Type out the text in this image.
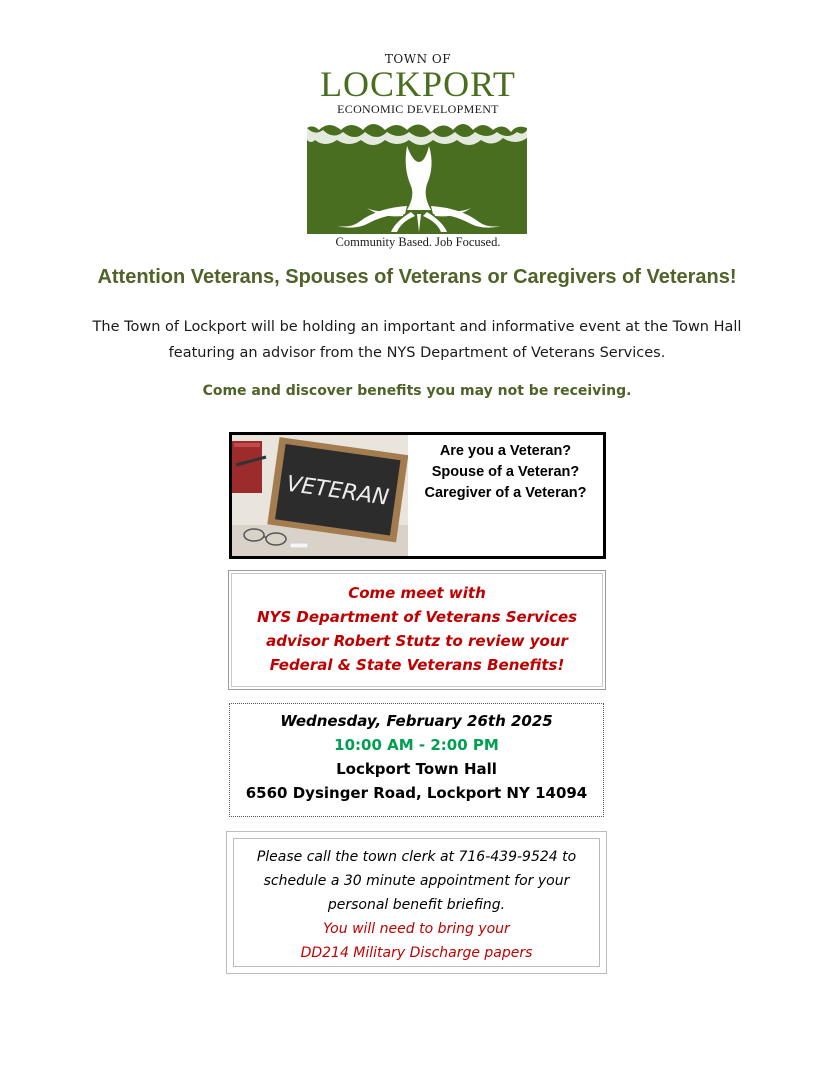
TOWN OF
LOCKPORT
ECONOMIC DEVELOPMENT
Community Based. Job Focused.
Attention Veterans, Spouses of Veterans or Caregivers of Veterans!
The Town of Lockport will be holding an important and informative event at the Town Hall
featuring an advisor from the NYS Department of Veterans Services.
Come and discover benefits you may not be receiving.
VETERAN
Are you a Veteran?
Spouse of a Veteran?
Caregiver of a Veteran?
Come meet with
NYS Department of Veterans Services
advisor Robert Stutz to review your
Federal & State Veterans Benefits!
Wednesday, February 26th 2025
10:00 AM - 2:00 PM
Lockport Town Hall
6560 Dysinger Road, Lockport NY 14094
Please call the town clerk at 716-439-9524 to
schedule a 30 minute appointment for your
personal benefit briefing.
You will need to bring your
DD214 Military Discharge papers
